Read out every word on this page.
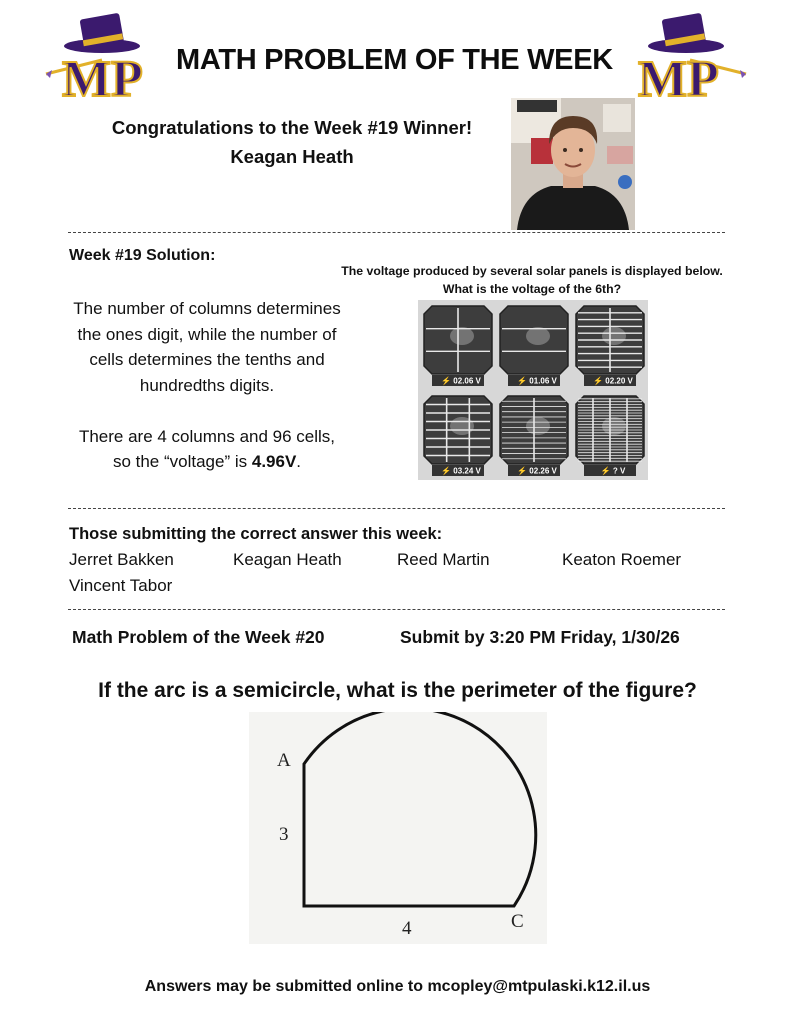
MP MATH PROBLEM OF THE WEEK MP
Congratulations to the Week #19 Winner!
Keagan Heath
Week #19 Solution:
The voltage produced by several solar panels is displayed below.
What is the voltage of the 6th?

The number of columns determines the ones digit, while the number of cells determines the tenths and hundredths digits.

There are 4 columns and 96 cells, so the “voltage” is 4.96V.

⚡ 02.06 V	⚡ 01.06 V	⚡ 02.20 V
⚡ 03.24 V	⚡ 02.26 V	⚡ ? V
Those submitting the correct answer this week:
Jerret Bakken	Keagan Heath	Reed Martin	Keaton Roemer
Vincent Tabor
Math Problem of the Week #20	Submit by 3:20 PM Friday, 1/30/26
If the arc is a semicircle, what is the perimeter of the figure?
A
3
4	C
Answers may be submitted online to mcopley@mtpulaski.k12.il.us
